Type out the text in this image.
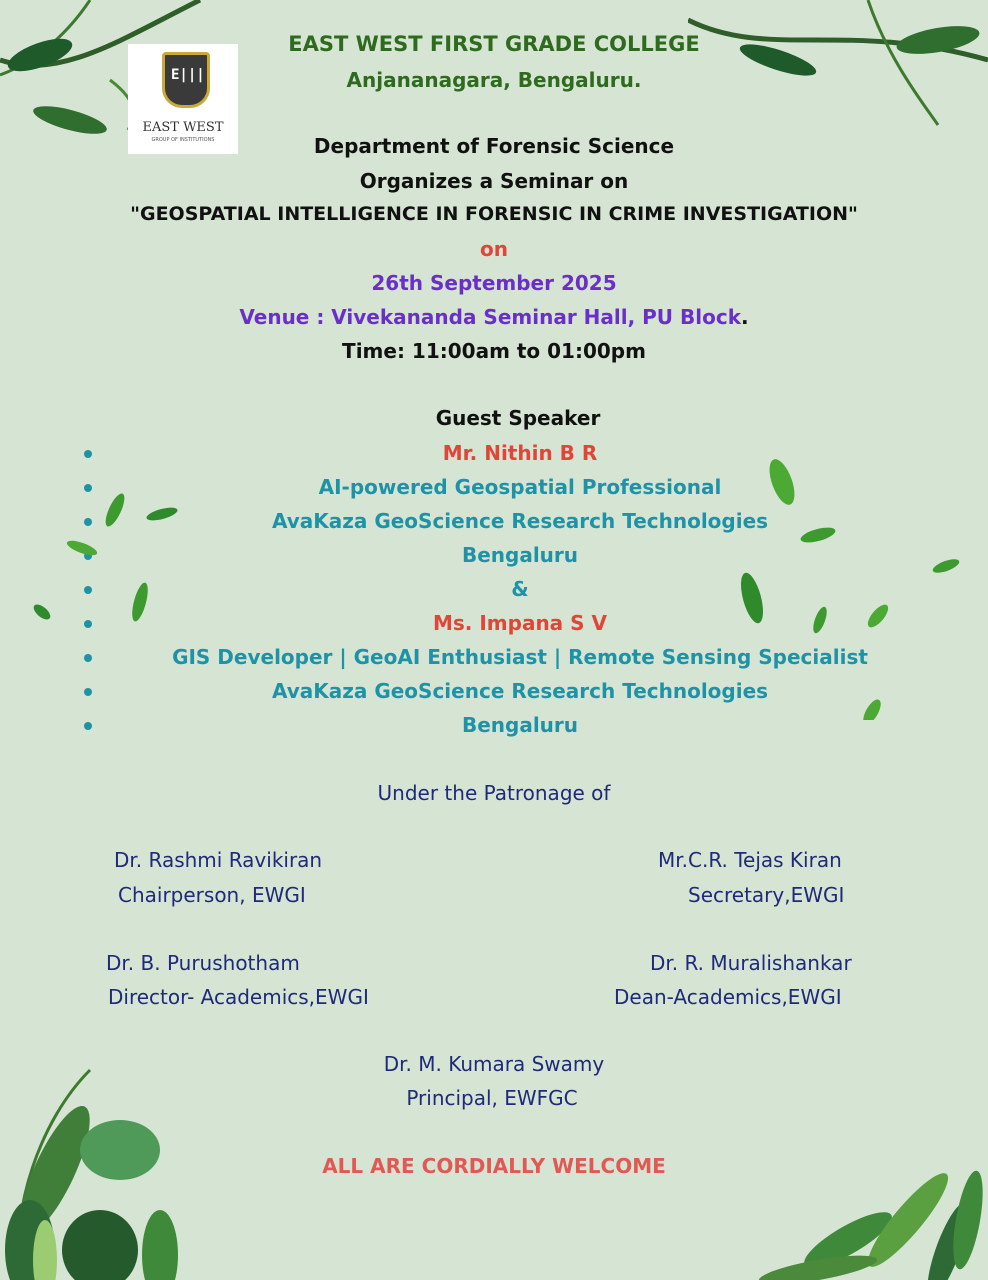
E|||
EAST WEST
GROUP OF INSTITUTIONS
EAST WEST FIRST GRADE COLLEGE
Anjananagara, Bengaluru.
Department of Forensic Science
Organizes a Seminar on
"GEOSPATIAL INTELLIGENCE IN FORENSIC IN CRIME INVESTIGATION"
on
26th September 2025
Venue : Vivekananda Seminar Hall, PU Block.
Time: 11:00am to 01:00pm
Guest Speaker
Mr. Nithin B R
AI-powered Geospatial Professional
AvaKaza GeoScience Research Technologies
Bengaluru
&
Ms. Impana S V
GIS Developer | GeoAI Enthusiast | Remote Sensing Specialist
AvaKaza GeoScience Research Technologies
Bengaluru
Under the Patronage of
Dr. Rashmi Ravikiran
Chairperson, EWGI
Mr.C.R. Tejas Kiran
Secretary,EWGI
Dr. B. Purushotham
Director- Academics,EWGI
Dr. R. Muralishankar
Dean-Academics,EWGI
Dr. M. Kumara Swamy
Principal, EWFGC
ALL ARE CORDIALLY WELCOME
